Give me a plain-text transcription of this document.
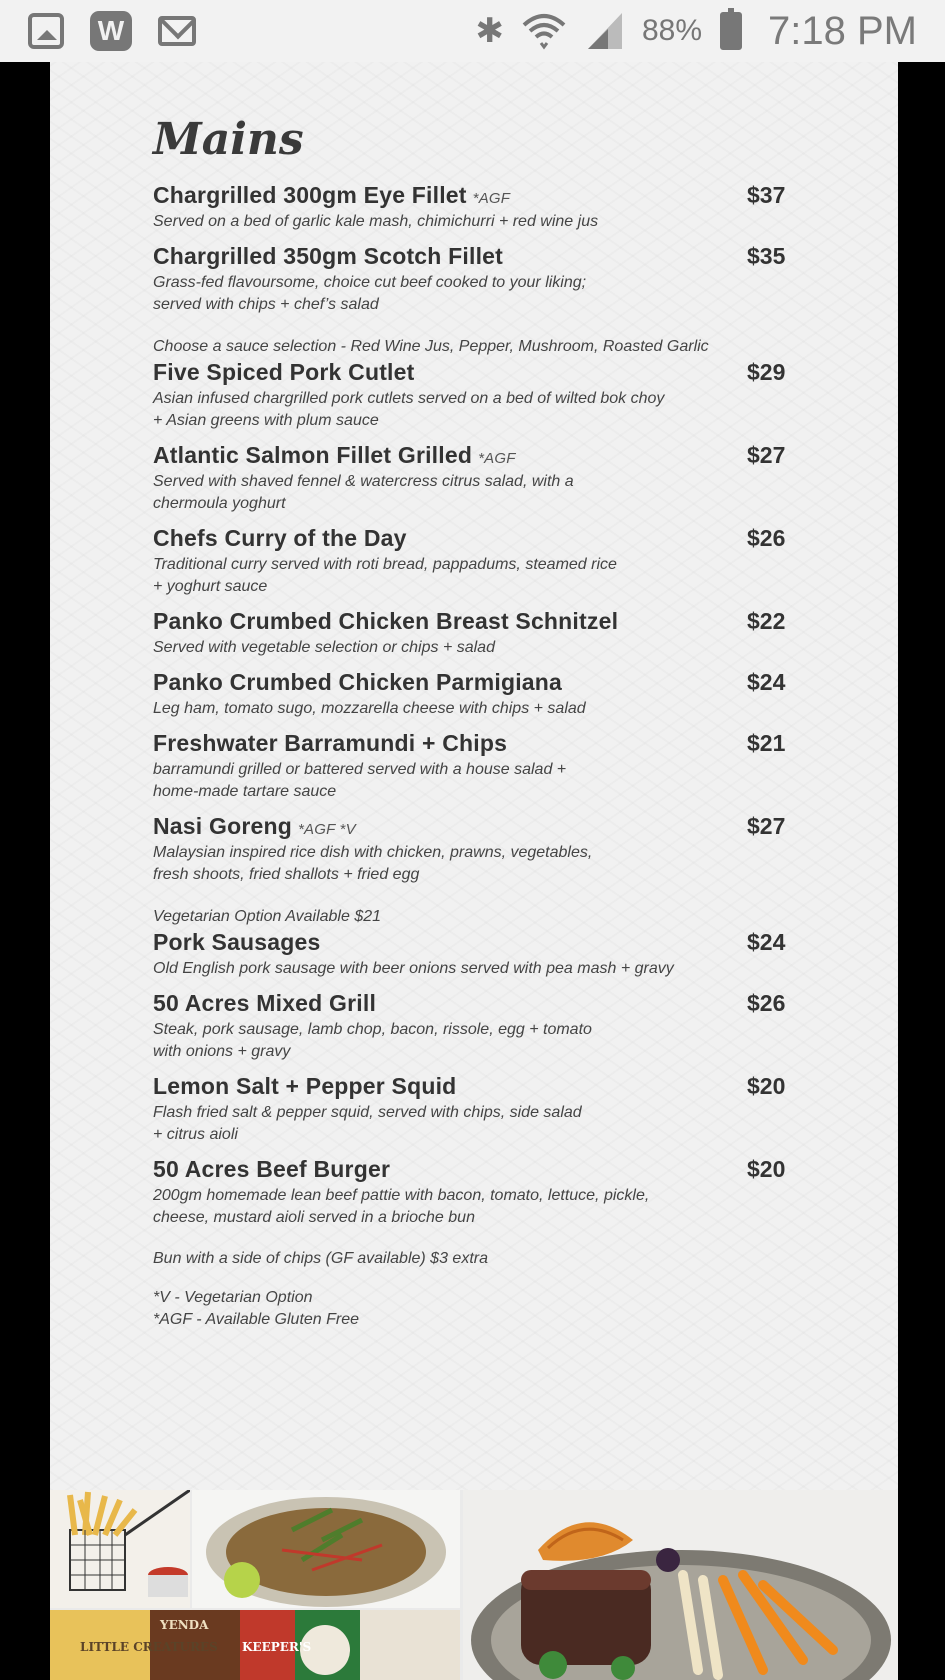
W	✱	88% 7:18 PM
Mains
Chargrilled 300gm Eye Fillet *AGF
Served on a bed of garlic kale mash, chimichurri + red wine jus
$37
Chargrilled 350gm Scotch Fillet
Grass-fed flavoursome, choice cut beef cooked to your liking;
served with chips + chef’s salad
$35
Five Spiced Pork Cutlet
Asian infused chargrilled pork cutlets served on a bed of wilted bok choy
+ Asian greens with plum sauce
$29
Atlantic Salmon Fillet Grilled *AGF
Served with shaved fennel & watercress citrus salad, with a
chermoula yoghurt
$27
Chefs Curry of the Day
Traditional curry served with roti bread, pappadums, steamed rice
+ yoghurt sauce
$26
Panko Crumbed Chicken Breast Schnitzel
Served with vegetable selection or chips + salad
$22
Panko Crumbed Chicken Parmigiana
Leg ham, tomato sugo, mozzarella cheese with chips + salad
$24
Freshwater Barramundi + Chips
barramundi grilled or battered served with a house salad +
home-made tartare sauce
$21
Nasi Goreng *AGF *V
Malaysian inspired rice dish with chicken, prawns, vegetables,
fresh shoots, fried shallots + fried egg
$27
Pork Sausages
Old English pork sausage with beer onions served with pea mash + gravy
$24
50 Acres Mixed Grill
Steak, pork sausage, lamb chop, bacon, rissole, egg + tomato
with onions + gravy
$26
Lemon Salt + Pepper Squid
Flash fried salt & pepper squid, served with chips, side salad
+ citrus aioli
$20
50 Acres Beef Burger
200gm homemade lean beef pattie with bacon, tomato, lettuce, pickle,
cheese, mustard aioli served in a brioche bun
$20
Choose a sauce selection - Red Wine Jus, Pepper, Mushroom, Roasted Garlic
Vegetarian Option Available $21
Bun with a side of chips (GF available) $3 extra
*V - Vegetarian Option
*AGF - Available Gluten Free
LITTLE CREATURES
YENDA
KEEPER'S
